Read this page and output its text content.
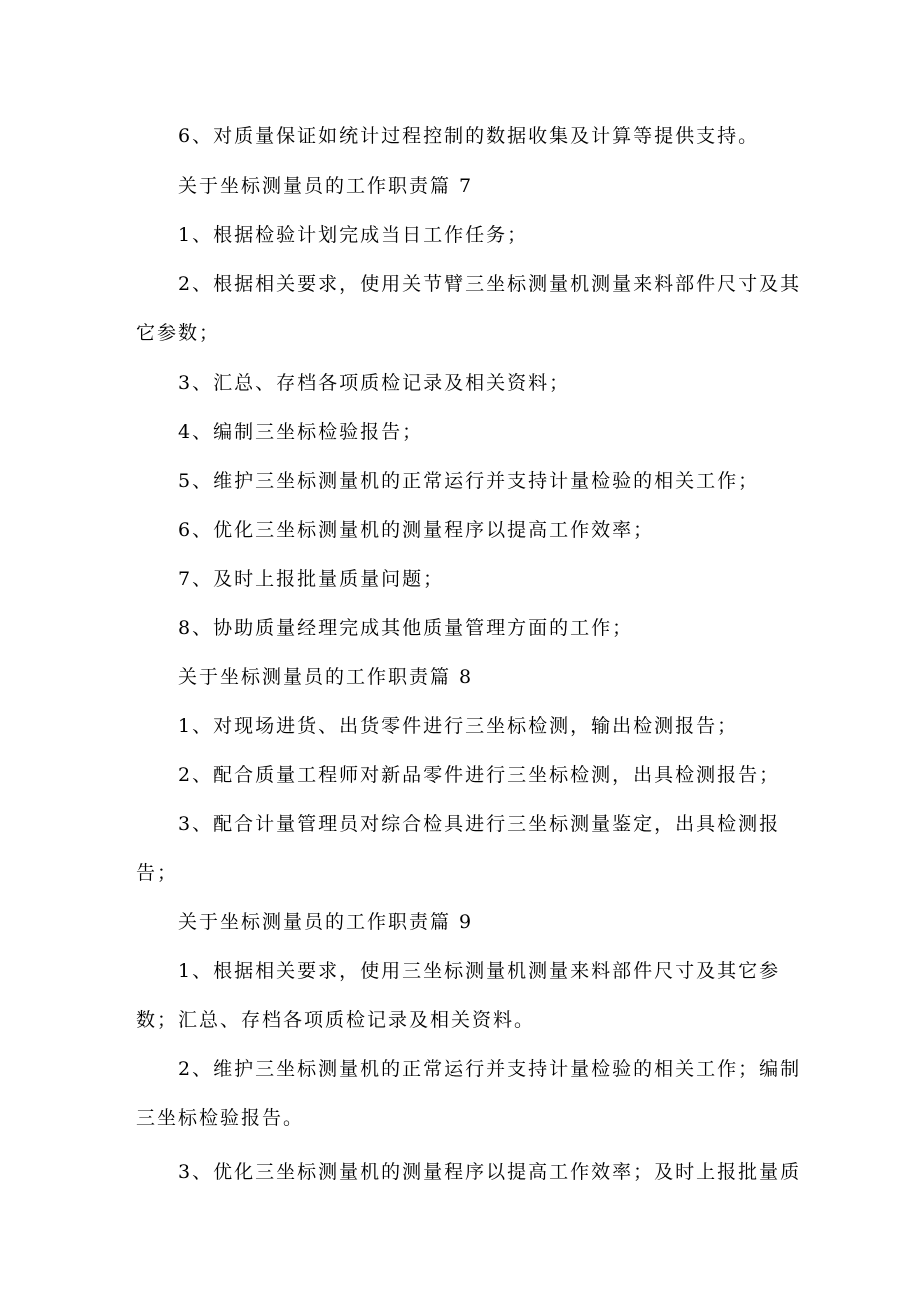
6、对质量保证如统计过程控制的数据收集及计算等提供支持。
关于坐标测量员的工作职责篇 7
1、根据检验计划完成当日工作任务；
2、根据相关要求，使用关节臂三坐标测量机测量来料部件尺寸及其
它参数；
3、汇总、存档各项质检记录及相关资料；
4、编制三坐标检验报告；
5、维护三坐标测量机的正常运行并支持计量检验的相关工作；
6、优化三坐标测量机的测量程序以提高工作效率；
7、及时上报批量质量问题；
8、协助质量经理完成其他质量管理方面的工作；
关于坐标测量员的工作职责篇 8
1、对现场进货、出货零件进行三坐标检测，输出检测报告；
2、配合质量工程师对新品零件进行三坐标检测，出具检测报告；
3、配合计量管理员对综合检具进行三坐标测量鉴定，出具检测报
告；
关于坐标测量员的工作职责篇 9
1、根据相关要求，使用三坐标测量机测量来料部件尺寸及其它参
数；汇总、存档各项质检记录及相关资料。
2、维护三坐标测量机的正常运行并支持计量检验的相关工作；编制
三坐标检验报告。
3、优化三坐标测量机的测量程序以提高工作效率；及时上报批量质
